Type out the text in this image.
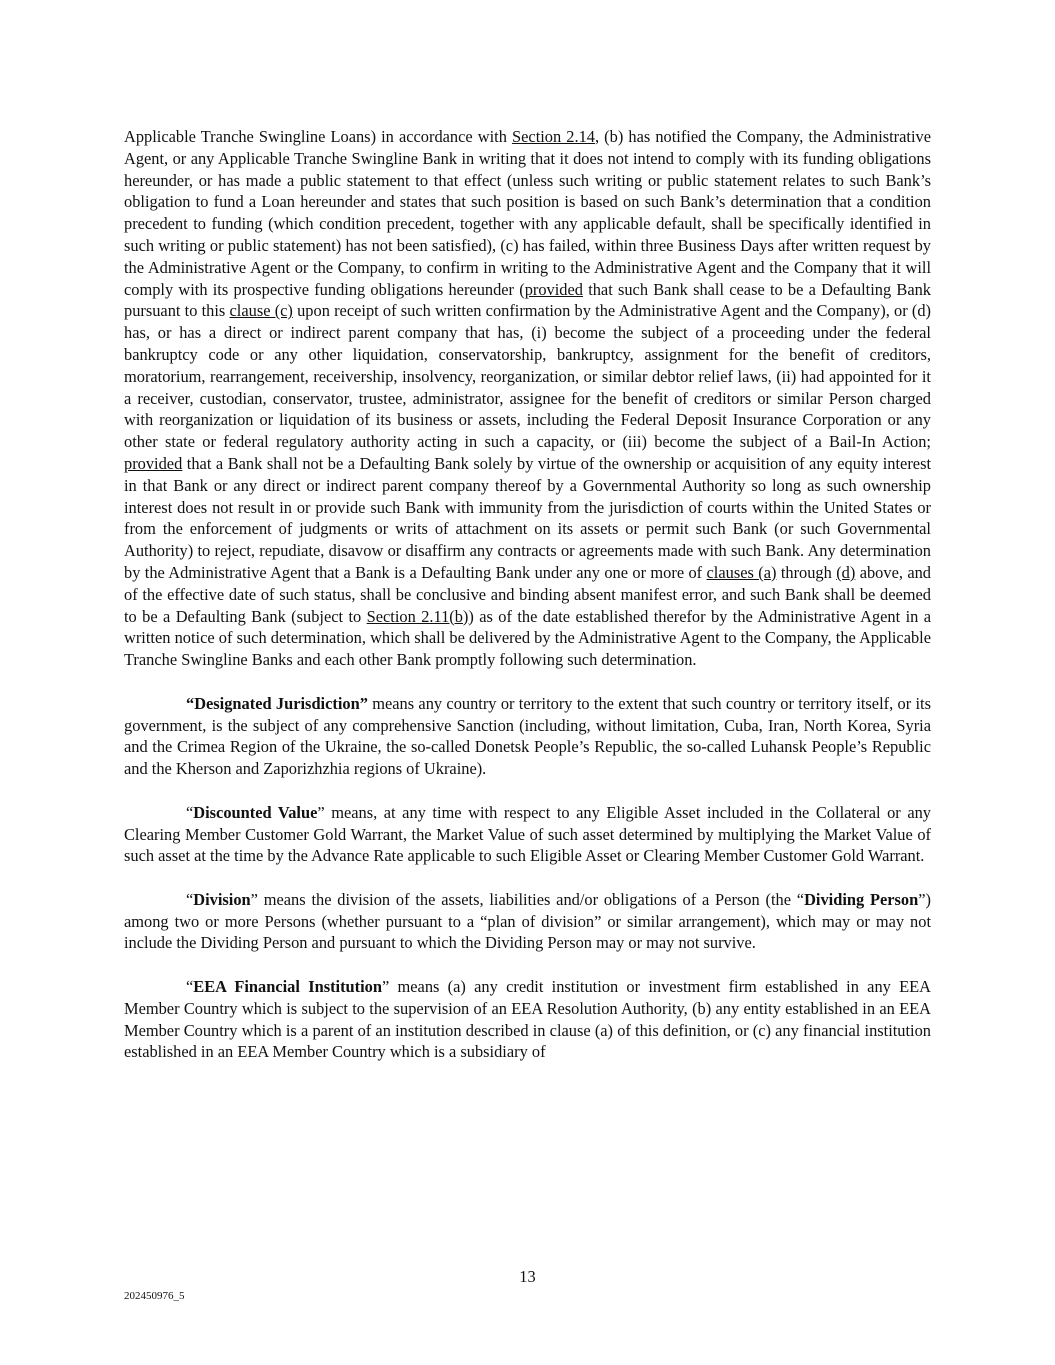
Applicable Tranche Swingline Loans) in accordance with Section 2.14, (b) has notified the Company, the Administrative Agent, or any Applicable Tranche Swingline Bank in writing that it does not intend to comply with its funding obligations hereunder, or has made a public statement to that effect (unless such writing or public statement relates to such Bank’s obligation to fund a Loan hereunder and states that such position is based on such Bank’s determination that a condition precedent to funding (which condition precedent, together with any applicable default, shall be specifically identified in such writing or public statement) has not been satisfied), (c) has failed, within three Business Days after written request by the Administrative Agent or the Company, to confirm in writing to the Administrative Agent and the Company that it will comply with its prospective funding obligations hereunder (provided that such Bank shall cease to be a Defaulting Bank pursuant to this clause (c) upon receipt of such written confirmation by the Administrative Agent and the Company), or (d) has, or has a direct or indirect parent company that has, (i) become the subject of a proceeding under the federal bankruptcy code or any other liquidation, conservatorship, bankruptcy, assignment for the benefit of creditors, moratorium, rearrangement, receivership, insolvency, reorganization, or similar debtor relief laws, (ii) had appointed for it a receiver, custodian, conservator, trustee, administrator, assignee for the benefit of creditors or similar Person charged with reorganization or liquidation of its business or assets, including the Federal Deposit Insurance Corporation or any other state or federal regulatory authority acting in such a capacity, or (iii) become the subject of a Bail-In Action; provided that a Bank shall not be a Defaulting Bank solely by virtue of the ownership or acquisition of any equity interest in that Bank or any direct or indirect parent company thereof by a Governmental Authority so long as such ownership interest does not result in or provide such Bank with immunity from the jurisdiction of courts within the United States or from the enforcement of judgments or writs of attachment on its assets or permit such Bank (or such Governmental Authority) to reject, repudiate, disavow or disaffirm any contracts or agreements made with such Bank. Any determination by the Administrative Agent that a Bank is a Defaulting Bank under any one or more of clauses (a) through (d) above, and of the effective date of such status, shall be conclusive and binding absent manifest error, and such Bank shall be deemed to be a Defaulting Bank (subject to Section 2.11(b)) as of the date established therefor by the Administrative Agent in a written notice of such determination, which shall be delivered by the Administrative Agent to the Company, the Applicable Tranche Swingline Banks and each other Bank promptly following such determination.

“Designated Jurisdiction” means any country or territory to the extent that such country or territory itself, or its government, is the subject of any comprehensive Sanction (including, without limitation, Cuba, Iran, North Korea, Syria and the Crimea Region of the Ukraine, the so-called Donetsk People’s Republic, the so-called Luhansk People’s Republic and the Kherson and Zaporizhzhia regions of Ukraine).

“Discounted Value” means, at any time with respect to any Eligible Asset included in the Collateral or any Clearing Member Customer Gold Warrant, the Market Value of such asset determined by multiplying the Market Value of such asset at the time by the Advance Rate applicable to such Eligible Asset or Clearing Member Customer Gold Warrant.

“Division” means the division of the assets, liabilities and/or obligations of a Person (the “Dividing Person”) among two or more Persons (whether pursuant to a “plan of division” or similar arrangement), which may or may not include the Dividing Person and pursuant to which the Dividing Person may or may not survive.

“EEA Financial Institution” means (a) any credit institution or investment firm established in any EEA Member Country which is subject to the supervision of an EEA Resolution Authority, (b) any entity established in an EEA Member Country which is a parent of an institution described in clause (a) of this definition, or (c) any financial institution established in an EEA Member Country which is a subsidiary of

13
202450976_5
